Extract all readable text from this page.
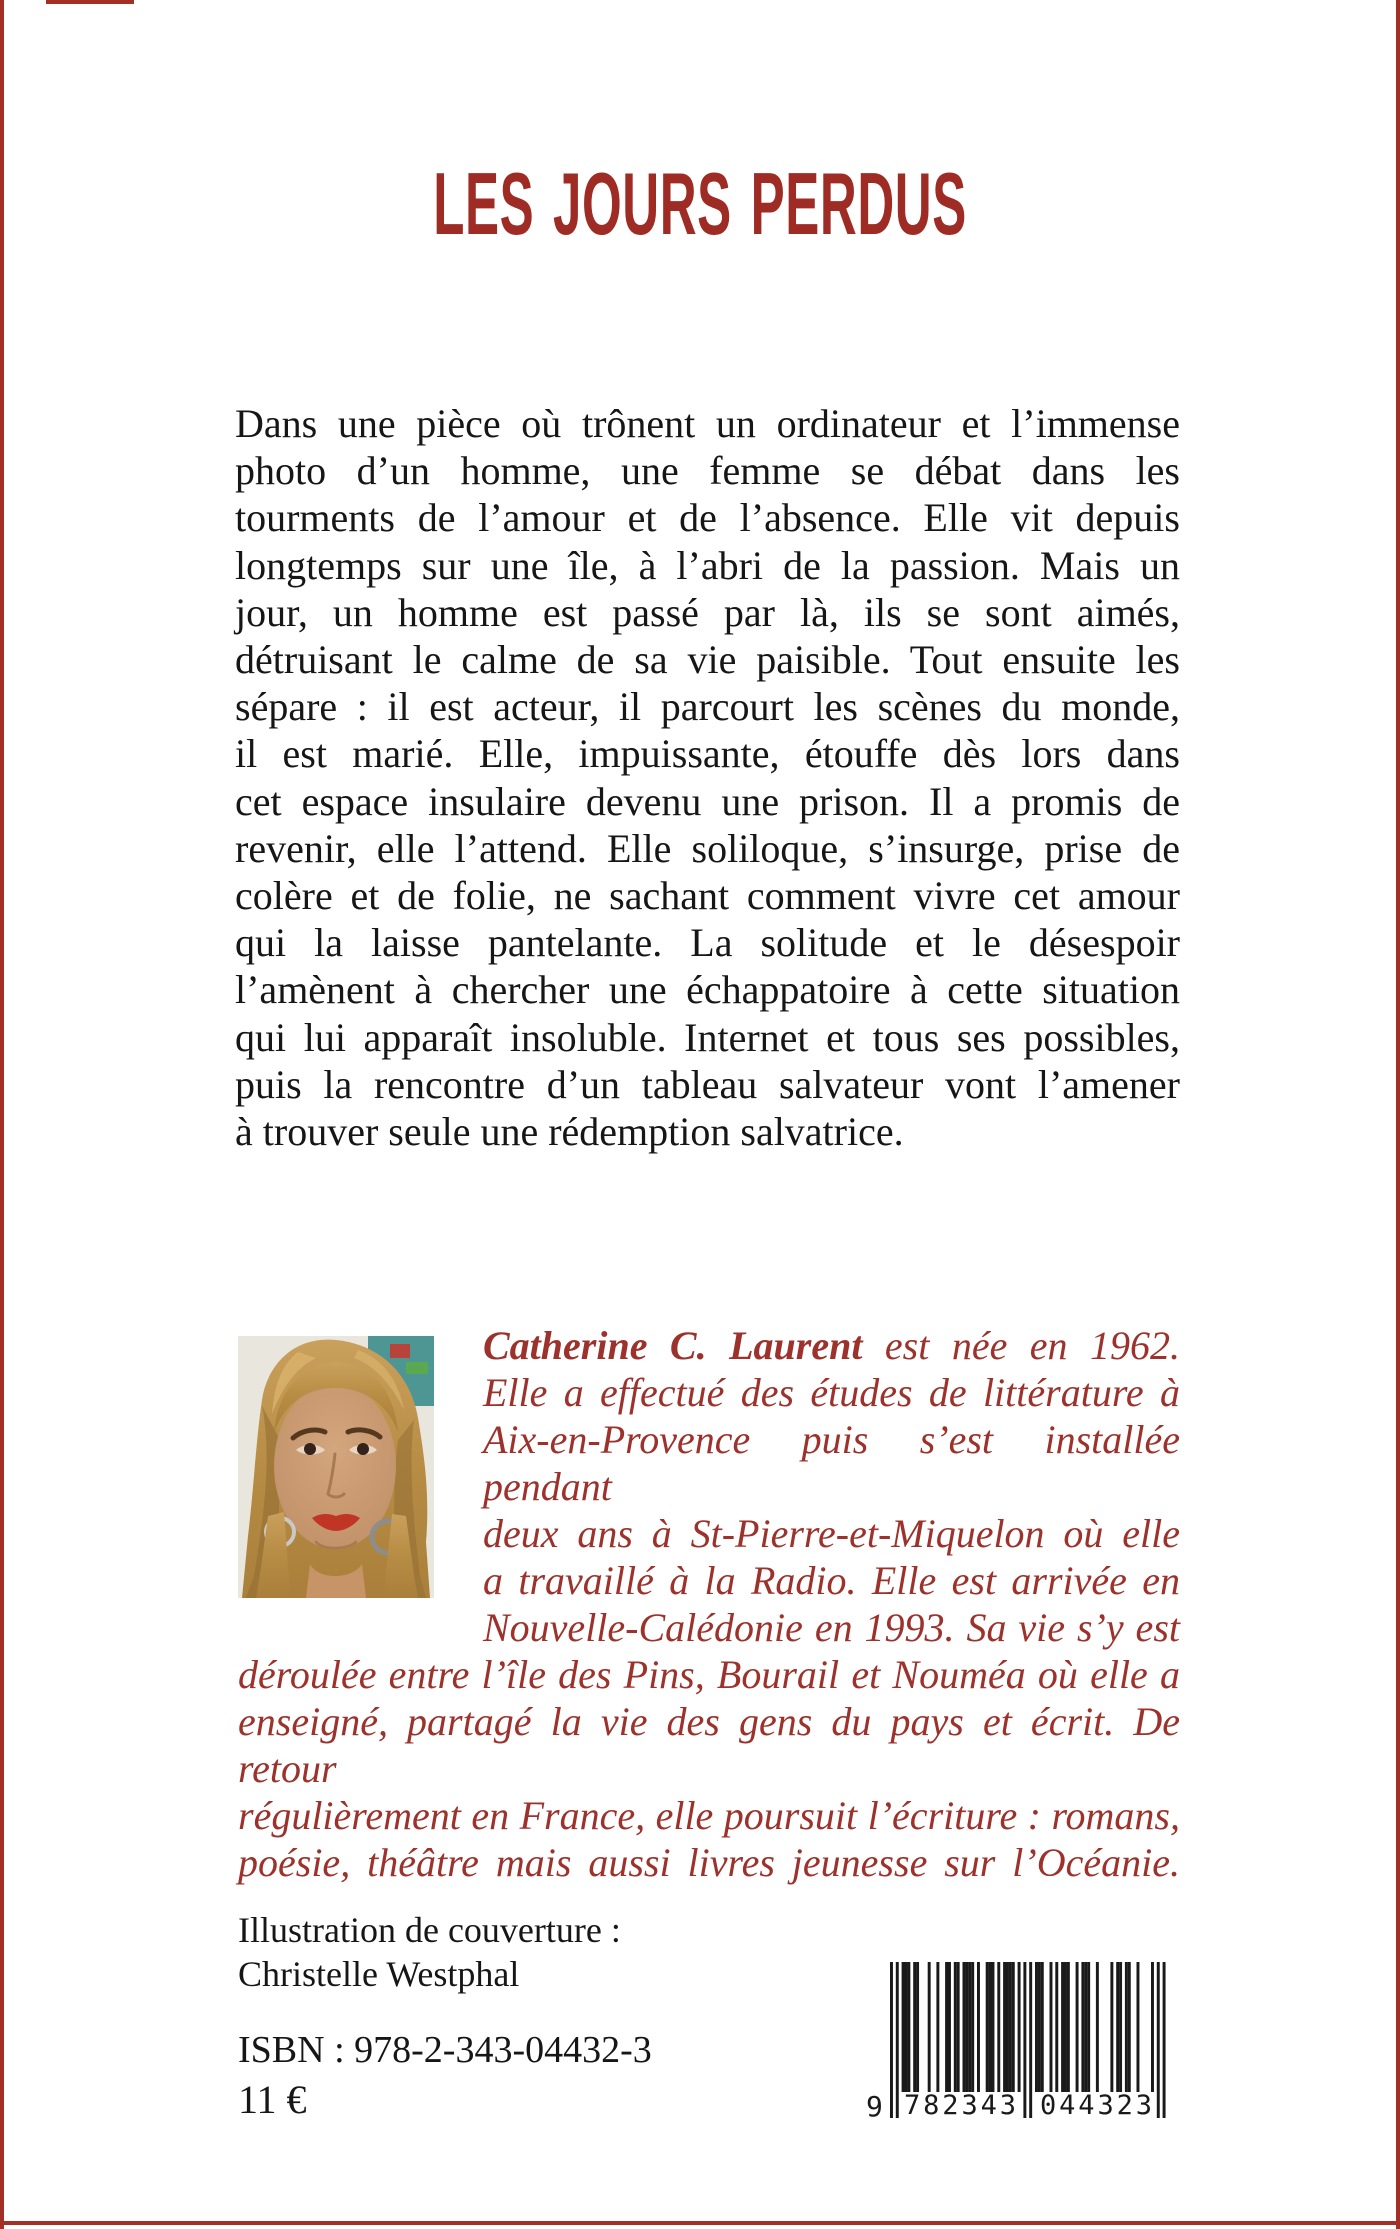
LES JOURS PERDUS
Dans une pièce où trônent un ordinateur et l’immense
photo d’un homme, une femme se débat dans les
tourments de l’amour et de l’absence. Elle vit depuis
longtemps sur une île, à l’abri de la passion. Mais un
jour, un homme est passé par là, ils se sont aimés,
détruisant le calme de sa vie paisible. Tout ensuite les
sépare : il est acteur, il parcourt les scènes du monde,
il est marié. Elle, impuissante, étouffe dès lors dans
cet espace insulaire devenu une prison. Il a promis de
revenir, elle l’attend. Elle soliloque, s’insurge, prise de
colère et de folie, ne sachant comment vivre cet amour
qui la laisse pantelante. La solitude et le désespoir
l’amènent à chercher une échappatoire à cette situation
qui lui apparaît insoluble. Internet et tous ses possibles,
puis la rencontre d’un tableau salvateur vont l’amener
à trouver seule une rédemption salvatrice.
Catherine C. Laurent est née en 1962.
Elle a effectué des études de littérature à
Aix-en-Provence puis s’est installée pendant
deux ans à St-Pierre-et-Miquelon où elle
a travaillé à la Radio. Elle est arrivée en
Nouvelle-Calédonie en 1993. Sa vie s’y est
déroulée entre l’île des Pins, Bourail et Nouméa où elle a
enseigné, partagé la vie des gens du pays et écrit. De retour
régulièrement en France, elle poursuit l’écriture : romans,
poésie, théâtre mais aussi livres jeunesse sur l’Océanie.
Illustration de couverture :
Christelle Westphal
ISBN : 978-2-343-04432-3
11 €	9 782343 044323
